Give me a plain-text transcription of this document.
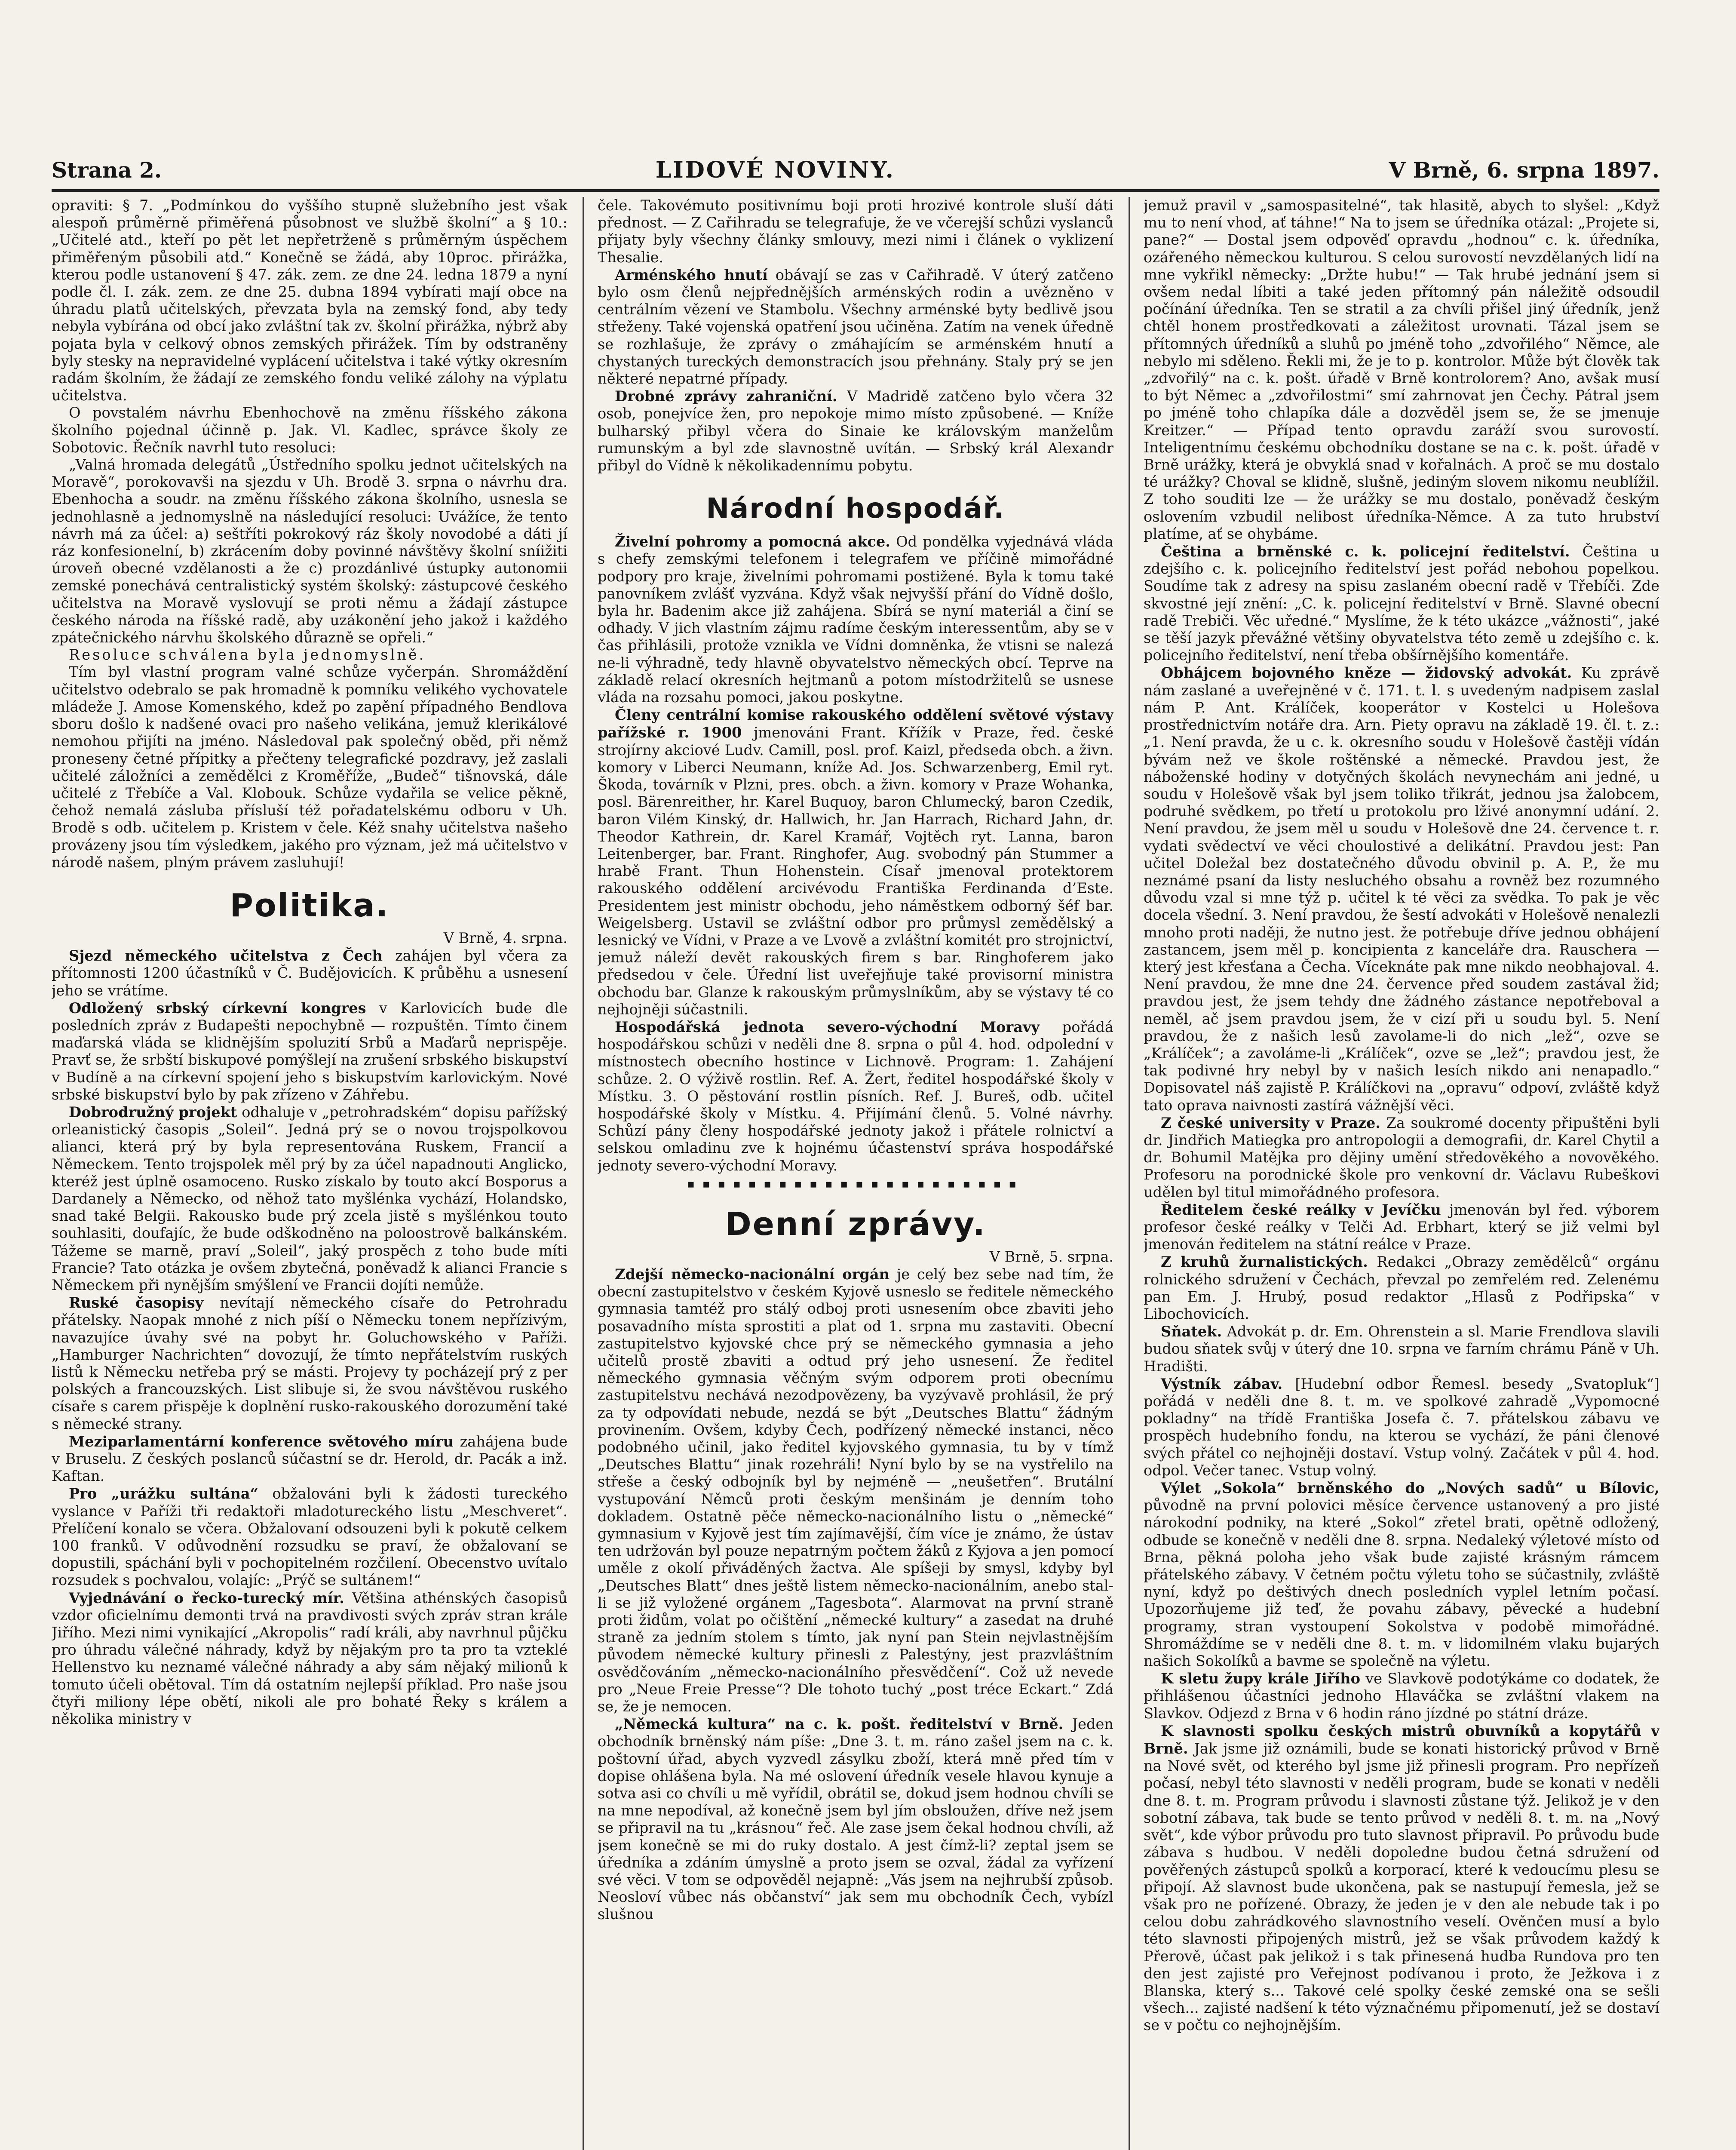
Strana 2.	LIDOVÉ NOVINY.	V Brně, 6. srpna 1897.

opraviti: § 7. „Podmínkou do vyššího stupně služebního jest však alespoň průměrně přiměřená působnost ve službě školní“ a § 10.: „Učitelé atd., kteří po pět let nepřetrženě s průměrným úspěchem přiměřeným působili atd.“ Konečně se žádá, aby 10proc. přirážka, kterou podle ustanovení § 47. zák. zem. ze dne 24. ledna 1879 a nyní podle čl. I. zák. zem. ze dne 25. dubna 1894 vybírati mají obce na úhradu platů učitelských, převzata byla na zemský fond, aby tedy nebyla vybírána od obcí jako zvláštní tak zv. školní přirážka, nýbrž aby pojata byla v celkový obnos zemských přirážek. Tím by odstraněny byly stesky na nepravidelné vyplácení učitelstva i také výtky okresním radám školním, že žádají ze zemského fondu veliké zálohy na výplatu učitelstva.

O povstalém návrhu Ebenhochově na změnu říšského zákona školního pojednal účinně p. Jak. Vl. Kadlec, správce školy ze Sobotovic. Řečník navrhl tuto resoluci:

„Valná hromada delegátů „Ústředního spolku jednot učitelských na Moravě“, porokovavši na sjezdu v Uh. Brodě 3. srpna o návrhu dra. Ebenhocha a soudr. na změnu říšského zákona školního, usnesla se jednohlasně a jednomyslně na následující resoluci: Uvážíce, že tento návrh má za účel: a) seštříti pokrokový ráz školy novodobé a dáti jí ráz konfesionelní, b) zkrácením doby povinné návštěvy školní sníižiti úroveň obecné vzdělanosti a že c) prozdánlivé ústupky autonomii zemské ponechává centralistický systém školský: zástupcové českého učitelstva na Moravě vyslovují se proti němu a žádají zástupce českého národa na říšské radě, aby uzákonění jeho jakož i každého zpátečnického nárvhu školského důrazně se opřeli.“

Resoluce schválena byla jednomyslně.

Tím byl vlastní program valné schůze vyčerpán. Shromáždění učitelstvo odebralo se pak hromadně k pomníku velikého vychovatele mládeže J. Amose Komenského, kdež po zapění případného Bendlova sboru došlo k nadšené ovaci pro našeho velikána, jemuž klerikálové nemohou přijíti na jméno. Následoval pak společný oběd, při němž proneseny četné přípitky a přečteny telegrafické pozdravy, jež zaslali učitelé záložníci a zemědělci z Kroměříže, „Budeč“ tišnovská, dále učitelé z Třebíče a Val. Klobouk. Schůze vydařila se velice pěkně, čehož nemalá zásluba přísluší též pořadatelskému odboru v Uh. Brodě s odb. učitelem p. Kristem v čele. Kéž snahy učitelstva našeho provázeny jsou tím výsledkem, jakého pro význam, jež má učitelstvo v národě našem, plným právem zasluhují!

Politika.

V Brně, 4. srpna.

Sjezd německého učitelstva z Čech zahájen byl včera za přítomnosti 1200 účastníků v Č. Budějovicích. K průběhu a usnesení jeho se vrátíme.

Odložený srbský církevní kongres v Karlovicích bude dle posledních zpráv z Budapešti nepochybně — rozpuštěn. Tímto činem maďarská vláda se klidnějším spoluzití Srbů a Maďarů neprispěje. Pravť se, že srbští biskupové pomýšlejí na zrušení srbského biskupství v Budíně a na církevní spojení jeho s biskupstvím karlovickým. Nové srbské biskupství bylo by pak zřízeno v Záhřebu.

Dobrodružný projekt odhaluje v „petrohradském“ dopisu pařížský orleanistický časopis „Soleil“. Jedná prý se o novou trojspolkovou alianci, která prý by byla representována Ruskem, Francií a Německem. Tento trojspolek měl prý by za účel napadnouti Anglicko, kteréž jest úplně osamoceno. Rusko získalo by touto akcí Bosporus a Dardanely a Německo, od něhož tato myšlénka vychází, Holandsko, snad také Belgii. Rakousko bude prý zcela jistě s myšlénkou touto souhlasiti, doufajíc, že bude odškodněno na poloostrově balkánském. Tážeme se marně, praví „Soleil“, jaký prospěch z toho bude míti Francie? Tato otázka je ovšem zbytečná, poněvadž k alianci Francie s Německem při nynějším smýšlení ve Francii dojíti nemůže.

Ruské časopisy nevítají německého císaře do Petrohradu přátelsky. Naopak mnohé z nich píší o Německu tonem nepřízivým, navazujíce úvahy své na pobyt hr. Goluchowského v Paříži. „Hamburger Nachrichten“ dovozují, že tímto nepřátelstvím ruských listů k Německu netřeba prý se másti. Projevy ty pocházejí prý z per polských a francouzských. List slibuje si, že svou návštěvou ruského císaře s carem přispěje k doplnění rusko-rakouského dorozumění také s německé strany.

Meziparlamentární konference světového míru zahájena bude v Bruselu. Z českých poslanců súčastní se dr. Herold, dr. Pacák a inž. Kaftan.

Pro „urážku sultána“ obžalováni byli k žádosti tureckého vyslance v Paříži tři redaktoři mladotureckého listu „Meschveret“. Přelíčení konalo se včera. Obžalovaní odsouzeni byli k pokutě celkem 100 franků. V odůvodnění rozsudku se praví, že obžalovaní se dopustili, spáchání byli v pochopitelném rozčilení. Obecenstvo uvítalo rozsudek s pochvalou, volajíc: „Prýč se sultánem!“

Vyjednávání o řecko-turecký mír. Většina athénských časopisů vzdor oficielnímu demonti trvá na pravdivosti svých zpráv stran krále Jiřího. Mezi nimi vynikající „Akropolis“ radí králi, aby navrhnul půjčku pro úhradu válečné náhrady, když by nějakým pro ta pro ta vzteklé Hellenstvo ku neznamé válečné náhrady a aby sám nějaký milionů k tomuto účeli obětoval. Tím dá ostatním nejlepší příklad. Pro naše jsou čtyři miliony lépe obětí, nikoli ale pro bohaté Řeky s králem a několika ministry v

čele. Takovémuto positivnímu boji proti hrozivé kontrole sluší dáti přednost. — Z Cařihradu se telegrafuje, že ve včerejší schůzi vyslanců přijaty byly všechny články smlouvy, mezi nimi i článek o vyklizení Thesalie.

Arménského hnutí obávají se zas v Cařihradě. V úterý zatčeno bylo osm členů nejpřednějších arménských rodin a uvězněno v centrálním vězení ve Stambolu. Všechny arménské byty bedlivě jsou střeženy. Také vojenská opatření jsou učiněna. Zatím na venek úředně se rozhlašuje, že zprávy o zmáhajícím se arménském hnutí a chystaných tureckých demonstracích jsou přehnány. Staly prý se jen některé nepatrné případy.

Drobné zprávy zahraniční. V Madridě zatčeno bylo včera 32 osob, ponejvíce žen, pro nepokoje mimo místo způsobené. — Kníže bulharský přibyl včera do Sinaie ke královským manželům rumunským a byl zde slavnostně uvítán. — Srbský král Alexandr přibyl do Vídně k několikadennímu pobytu.

Národní hospodář.

Živelní pohromy a pomocná akce. Od pondělka vyjednává vláda s chefy zemskými telefonem i telegrafem ve příčině mimořádné podpory pro kraje, živelními pohromami postižené. Byla k tomu také panovníkem zvlášť vyzvána. Když však nejvyšší přání do Vídně došlo, byla hr. Badenim akce již zahájena. Sbírá se nyní materiál a činí se odhady. V jich vlastním zájmu radíme českým interessentům, aby se v čas přihlásili, protože vznikla ve Vídni domněnka, že vtisni se nalezá ne-li výhradně, tedy hlavně obyvatelstvo německých obcí. Teprve na základě relací okresních hejtmanů a potom místodržitelů se usnese vláda na rozsahu pomoci, jakou poskytne.

Členy centrální komise rakouského oddělení světové výstavy pařížské r. 1900 jmenováni Frant. Křížík v Praze, řed. české strojírny akciové Ludv. Camill, posl. prof. Kaizl, předseda obch. a živn. komory v Liberci Neumann, kníže Ad. Jos. Schwarzenberg, Emil ryt. Škoda, továrník v Plzni, pres. obch. a živn. komory v Praze Wohanka, posl. Bärenreither, hr. Karel Buquoy, baron Chlumecký, baron Czedik, baron Vilém Kinský, dr. Hallwich, hr. Jan Harrach, Richard Jahn, dr. Theodor Kathrein, dr. Karel Kramář, Vojtěch ryt. Lanna, baron Leitenberger, bar. Frant. Ringhofer, Aug. svobodný pán Stummer a hrabě Frant. Thun Hohenstein. Císař jmenoval protektorem rakouského oddělení arcivévodu Františka Ferdinanda d’Este. Presidentem jest ministr obchodu, jeho náměstkem odborný šéf bar. Weigelsberg. Ustavil se zvláštní odbor pro průmysl zemědělský a lesnický ve Vídni, v Praze a ve Lvově a zvláštní komitét pro strojnictví, jemuž náleží devět rakouských firem s bar. Ringhoferem jako předsedou v čele. Úřední list uveřejňuje také provisorní ministra obchodu bar. Glanze k rakouským průmyslníkům, aby se výstavy té co nejhojněji súčastnili.

Hospodářská jednota severo-východní Moravy pořádá hospodářskou schůzi v neděli dne 8. srpna o půl 4. hod. odpolední v místnostech obecního hostince v Lichnově. Program: 1. Zahájení schůze. 2. O výživě rostlin. Ref. A. Žert, ředitel hospodářské školy v Místku. 3. O pěstování rostlin písních. Ref. J. Bureš, odb. učitel hospodářské školy v Místku. 4. Přijímání členů. 5. Volné návrhy. Schůzí pány členy hospodářské jednoty jakož i přátele rolnictví a selskou omladinu zve k hojnému účastenství správa hospodářské jednoty severo-východní Moravy.

▪▪▪▪▪▪▪▪▪▪▪▪▪▪▪▪▪▪▪▪▪▪
Denní zprávy.

V Brně, 5. srpna.

Zdejší německo-nacionální orgán je celý bez sebe nad tím, že obecní zastupitelstvo v českém Kyjově usneslo se ředitele německého gymnasia tamtéž pro stálý odboj proti usnesením obce zbaviti jeho posavadního místa sprostiti a plat od 1. srpna mu zastaviti. Obecní zastupitelstvo kyjovské chce prý se německého gymnasia a jeho učitelů prostě zbaviti a odtud prý jeho usnesení. Že ředitel německého gymnasia věčným svým odporem proti obecnímu zastupitelstvu nechává nezodpovězeny, ba vyzývavě prohlásil, že prý za ty odpovídati nebude, nezdá se být „Deutsches Blattu“ žádným provinením. Ovšem, kdyby Čech, podřízený německé instanci, něco podobného učinil, jako ředitel kyjovského gymnasia, tu by v tímž „Deutsches Blattu“ jinak rozehráli! Nyní bylo by se na vystřelilo na střeše a český odbojník byl by nejméně — „neušetřen“. Brutální vystupování Němců proti českým menšinám je denním toho dokladem. Ostatně pěče německo-nacionálního listu o „německé“ gymnasium v Kyjově jest tím zajímavější, čím více je známo, že ústav ten udržován byl pouze nepatrným počtem žáků z Kyjova a jen pomocí uměle z okolí přiváděných žactva. Ale spíšeji by smysl, kdyby byl „Deutsches Blatt“ dnes ještě listem německo-nacionálním, anebo stal-li se již vyložené orgánem „Tagesbota“. Alarmovat na první straně proti židům, volat po očištění „německé kultury“ a zasedat na druhé straně za jedním stolem s tímto, jak nyní pan Stein nejvlastnějším původem německé kultury přinesli z Palestýny, jest prazvláštním osvědčováním „německo-nacionálního přesvědčení“. Což už nevede pro „Neue Freie Presse“? Dle tohoto tuchý „post tréce Eckart.“ Zdá se, že je nemocen.

„Německá kultura“ na c. k. pošt. ředitelství v Brně. Jeden obchodník brněnský nám píše: „Dne 3. t. m. ráno zašel jsem na c. k. poštovní úřad, abych vyzvedl zásylku zboží, která mně před tím v dopise ohlášena byla. Na mé oslovení úředník vesele hlavou kynuje a sotva asi co chvíli u mě vyřídil, obrátil se, dokud jsem hodnou chvíli se na mne nepodíval, až konečně jsem byl jím obsloužen, dříve než jsem se připravil na tu „krásnou“ řeč. Ale zase jsem čekal hodnou chvíli, až jsem konečně se mi do ruky dostalo. A jest čímž-li? zeptal jsem se úředníka a zdáním úmyslně a proto jsem se ozval, žádal za vyřízení své věci. V tom se odpověděl nejapně: „Vás jsem na nejhrubší způsob. Neosloví vůbec nás občanství“ jak sem mu obchodník Čech, vybízl slušnou

jemuž pravil v „samospasitelné“, tak hlasitě, abych to slyšel: „Když mu to není vhod, ať táhne!“ Na to jsem se úředníka otázal: „Projete si, pane?“ — Dostal jsem odpověď opravdu „hodnou“ c. k. úředníka, ozářeného německou kulturou. S celou surovostí nevzdělaných lidí na mne vykřikl německy: „Držte hubu!“ — Tak hrubé jednání jsem si ovšem nedal líbiti a také jeden přítomný pán náležitě odsoudil počínání úředníka. Ten se stratil a za chvíli přišel jiný úředník, jenž chtěl honem prostředkovati a záležitost urovnati. Tázal jsem se přítomných úředníků a sluhů po jméně toho „zdvořilého“ Němce, ale nebylo mi sděleno. Řekli mi, že je to p. kontrolor. Může být člověk tak „zdvořilý“ na c. k. pošt. úřadě v Brně kontrolorem? Ano, avšak musí to být Němec a „zdvořilostmi“ smí zahrnovat jen Čechy. Pátral jsem po jméně toho chlapíka dále a dozvěděl jsem se, že se jmenuje Kreitzer.“ — Případ tento opravdu zaráží svou surovostí. Inteligentnímu českému obchodníku dostane se na c. k. pošt. úřadě v Brně urážky, která je obvyklá snad v kořalnách. A proč se mu dostalo té urážky? Choval se klidně, slušně, jediným slovem nikomu neublížil. Z toho souditi lze — že urážky se mu dostalo, poněvadž českým oslovením vzbudil nelibost úředníka-Němce. A za tuto hrubství platíme, ať se ohybáme.

Čeština a brněnské c. k. policejní ředitelství. Čeština u zdejšího c. k. policejního ředitelství jest pořád nebohou popelkou. Soudíme tak z adresy na spisu zaslaném obecní radě v Třebíči. Zde skvostné její znění: „C. k. policejní ředitelství v Brně. Slavné obecní radě Trebiči. Věc uředné.“ Myslíme, že k této ukázce „vážnosti“, jaké se těší jazyk převážné většiny obyvatelstva této země u zdejšího c. k. policejního ředitelství, není třeba obšírnějšího komentáře.

Obhájcem bojovného kněze — židovský advokát. Ku zprávě nám zaslané a uveřejněné v č. 171. t. l. s uvedeným nadpisem zaslal nám P. Ant. Králíček, kooperátor v Kostelci u Holešova prostřednictvím notáře dra. Arn. Piety opravu na základě 19. čl. t. z.: „1. Není pravda, že u c. k. okresního soudu v Holešově častěji vídán bývám než ve škole roštěnské a německé. Pravdou jest, že náboženské hodiny v dotyčných školách nevynechám ani jedné, u soudu v Holešově však byl jsem toliko třikrát, jednou jsa žalobcem, podruhé svědkem, po třetí u protokolu pro lživé anonymní udání. 2. Není pravdou, že jsem měl u soudu v Holešově dne 24. července t. r. vydati svědectví ve věci choulostivé a delikátní. Pravdou jest: Pan učitel Doležal bez dostatečného důvodu obvinil p. A. P., že mu neznámé psaní da listy nesluchého obsahu a rovněž bez rozumného důvodu vzal si mne týž p. učitel k té věci za svědka. To pak je věc docela všední. 3. Není pravdou, že šestí advokáti v Holešově nenalezli mnoho proti naději, že nutno jest. že potřebuje dříve jednou obhájení zastancem, jsem měl p. koncipienta z kanceláře dra. Rauschera — který jest křesťana a Čecha. Víceknáte pak mne nikdo neobhajoval. 4. Není pravdou, že mne dne 24. července před soudem zastával žid; pravdou jest, že jsem tehdy dne žádného zástance nepotřeboval a neměl, ač jsem pravdou jsem, že v cizí při u soudu byl. 5. Není pravdou, že z našich lesů zavolame-li do nich „lež“, ozve se „Králíček“; a zavoláme-li „Králíček“, ozve se „lež“; pravdou jest, že tak podivné hry nebyl by v našich lesích nikdo ani nenapadlo.“ Dopisovatel náš zajistě P. Králíčkovi na „opravu“ odpoví, zvláště když tato oprava naivnosti zastírá vážnější věci.

Z české university v Praze. Za soukromé docenty připuštěni byli dr. Jindřich Matiegka pro antropologii a demografii, dr. Karel Chytil a dr. Bohumil Matějka pro dějiny umění středověkého a novověkého. Profesoru na porodnické škole pro venkovní dr. Václavu Rubeškovi udělen byl titul mimořádného profesora.

Ředitelem české reálky v Jevíčku jmenován byl řed. výborem profesor české reálky v Telči Ad. Erbhart, který se již velmi byl jmenován ředitelem na státní reálce v Praze.

Z kruhů žurnalistických. Redakci „Obrazy zemědělců“ orgánu rolnického sdružení v Čechách, převzal po zemřelém red. Zelenému pan Em. J. Hrubý, posud redaktor „Hlasů z Podřipska“ v Libochovicích.

Sňatek. Advokát p. dr. Em. Ohrenstein a sl. Marie Frendlova slavili budou sňatek svůj v úterý dne 10. srpna ve farním chrámu Páně v Uh. Hradišti.

Výstník zábav. [Hudební odbor Řemesl. besedy „Svatopluk“] pořádá v neděli dne 8. t. m. ve spolkové zahradě „Vypomocné pokladny“ na třídě Františka Josefa č. 7. přátelskou zábavu ve prospěch hudebního fondu, na kterou se vychází, že páni členové svých přátel co nejhojněji dostaví. Vstup volný. Začátek v půl 4. hod. odpol. Večer tanec. Vstup volný.

Výlet „Sokola“ brněnského do „Nových sadů“ u Bílovic, původně na první polovici měsíce července ustanovený a pro jisté nárokodní podniky, na které „Sokol“ zřetel brati, opětně odložený, odbude se konečně v neděli dne 8. srpna. Nedaleký výletové místo od Brna, pěkná poloha jeho však bude zajisté krásným rámcem přátelského zábavy. V četném počtu výletu toho se súčastnily, zvláště nyní, když po deštivých dnech posledních vyplel letním počasí. Upozorňujeme již teď, že povahu zábavy, pěvecké a hudební programy, stran vystoupení Sokolstva v podobě mimořádné. Shromáždíme se v neděli dne 8. t. m. v lidomilném vlaku bujarých našich Sokolíků a bavme se společně na výletu.

K sletu župy krále Jiřího ve Slavkově podotýkáme co dodatek, že přihlášenou účastníci jednoho Hlaváčka se zvláštní vlakem na Slavkov. Odjezd z Brna v 6 hodin ráno jízdné po státní dráze.

K slavnosti spolku českých mistrů obuvníků a kopytářů v Brně. Jak jsme již oznámili, bude se konati historický průvod v Brně na Nové svět, od kterého byl jsme již přinesli program. Pro nepřízeň počasí, nebyl této slavnosti v neděli program, bude se konati v neděli dne 8. t. m. Program průvodu i slavnosti zůstane týž. Jelikož je v den sobotní zábava, tak bude se tento průvod v neděli 8. t. m. na „Nový svět“, kde výbor průvodu pro tuto slavnost připravil. Po průvodu bude zábava s hudbou. V neděli dopoledne budou četná sdružení od pověřených zástupců spolků a korporací, které k vedoucímu plesu se připojí. Až slavnost bude ukončena, pak se nastupují řemesla, jež se však pro ne pořízené. Obrazy, že jeden je v den ale nebude tak i po celou dobu zahrádkového slavnostního veselí. Ověnčen musí a bylo této slavnosti připojených mistrů, jež se však průvodem každý k Přerově, účast pak jelikož i s tak přinesená hudba Rundova pro ten den jest zajisté pro Veřejnost podívanou i proto, že Ježkova i z Blanska, který s... Takové celé spolky české zemské ona se sešli všech... zajisté nadšení k této význačnému připomenutí, jež se dostaví se v počtu co nejhojnějším.
